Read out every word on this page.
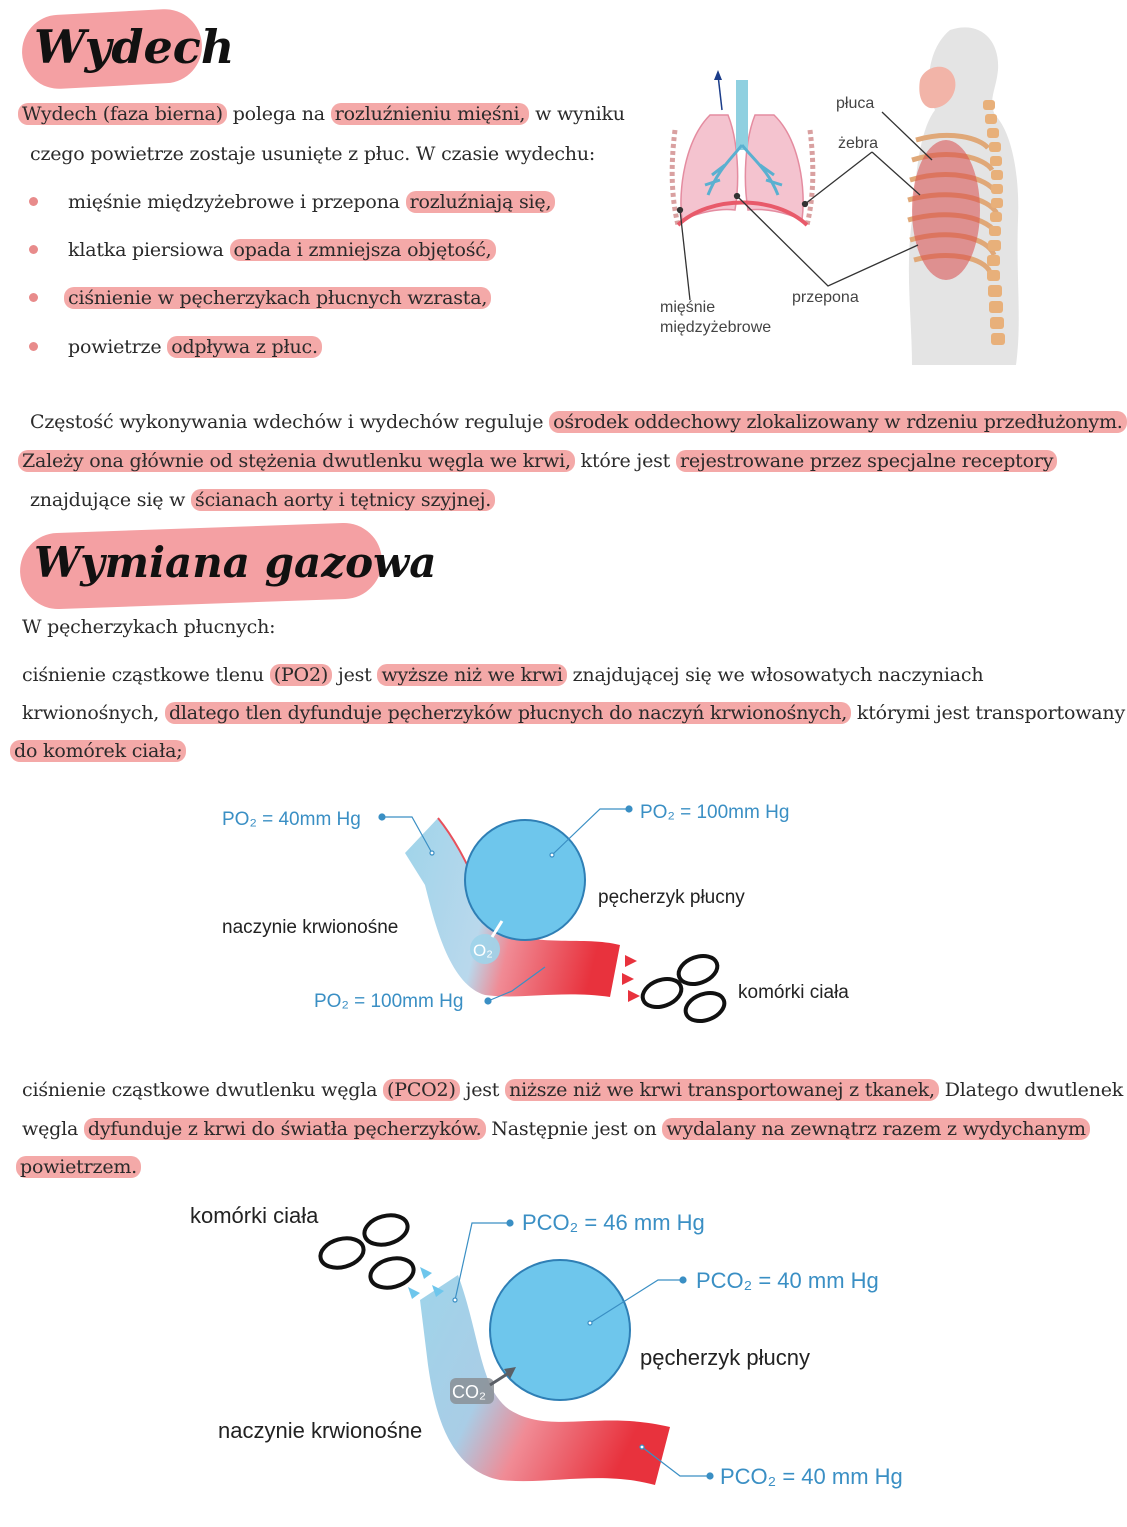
Wydech
Wydech (faza bierna) polega na rozluźnieniu mięśni, w wyniku
czego powietrze zostaje usunięte z płuc. W czasie wydechu:
mięśnie międzyżebrowe i przepona rozluźniają się,
klatka piersiowa opada i zmniejsza objętość,
ciśnienie w pęcherzykach płucnych wzrasta,
powietrze odpływa z płuc.
płuca
żebra
przepona
mięśnie
międzyżebrowe
Częstość wykonywania wdechów i wydechów reguluje ośrodek oddechowy zlokalizowany w rdzeniu przedłużonym.
Zależy ona głównie od stężenia dwutlenku węgla we krwi, które jest rejestrowane przez specjalne receptory
znajdujące się w ścianach aorty i tętnicy szyjnej.
Wymiana gazowa
W pęcherzykach płucnych:
ciśnienie cząstkowe tlenu (PO2) jest wyższe niż we krwi znajdującej się we włosowatych naczyniach
krwionośnych, dlatego tlen dyfunduje pęcherzyków płucnych do naczyń krwionośnych, którymi jest transportowany
do komórek ciała;
O₂
PO₂ = 40mm Hg	PO₂ = 100mm Hg
pęcherzyk płucny
naczynie krwionośne
PO₂ = 100mm Hg	komórki ciała
ciśnienie cząstkowe dwutlenku węgla (PCO2) jest niższe niż we krwi transportowanej z tkanek, Dlatego dwutlenek
węgla dyfunduje z krwi do światła pęcherzyków. Następnie jest on wydalany na zewnątrz razem z wydychanym
powietrzem.
CO₂
komórki ciała	PCO₂ = 46 mm Hg
PCO₂ = 40 mm Hg
pęcherzyk płucny
naczynie krwionośne
PCO₂ = 40 mm Hg
